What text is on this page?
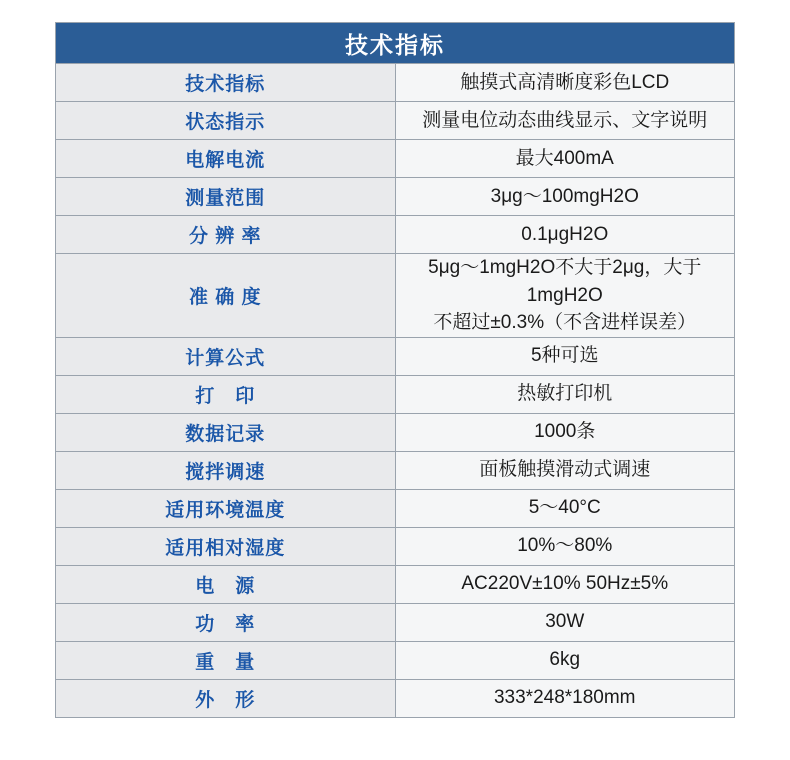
技术指标	
技术指标	触摸式高清晰度彩色LCD
状态指示	测量电位动态曲线显示、文字说明
电解电流	最大400mA
测量范围	3μg～100mgH2O
分 辨 率	0.1μgH2O
准 确 度	5μg～1mgH2O不大于2μg，大于1mgH2O
不超过±0.3%（不含进样误差）

计算公式	5种可选
打　印	热敏打印机
数据记录	1000条
搅拌调速	面板触摸滑动式调速
适用环境温度	5～40°C
适用相对湿度	10%～80%
电　源	AC220V±10% 50Hz±5%
功　率	30W
重　量	6kg
外　形	333*248*180mm
